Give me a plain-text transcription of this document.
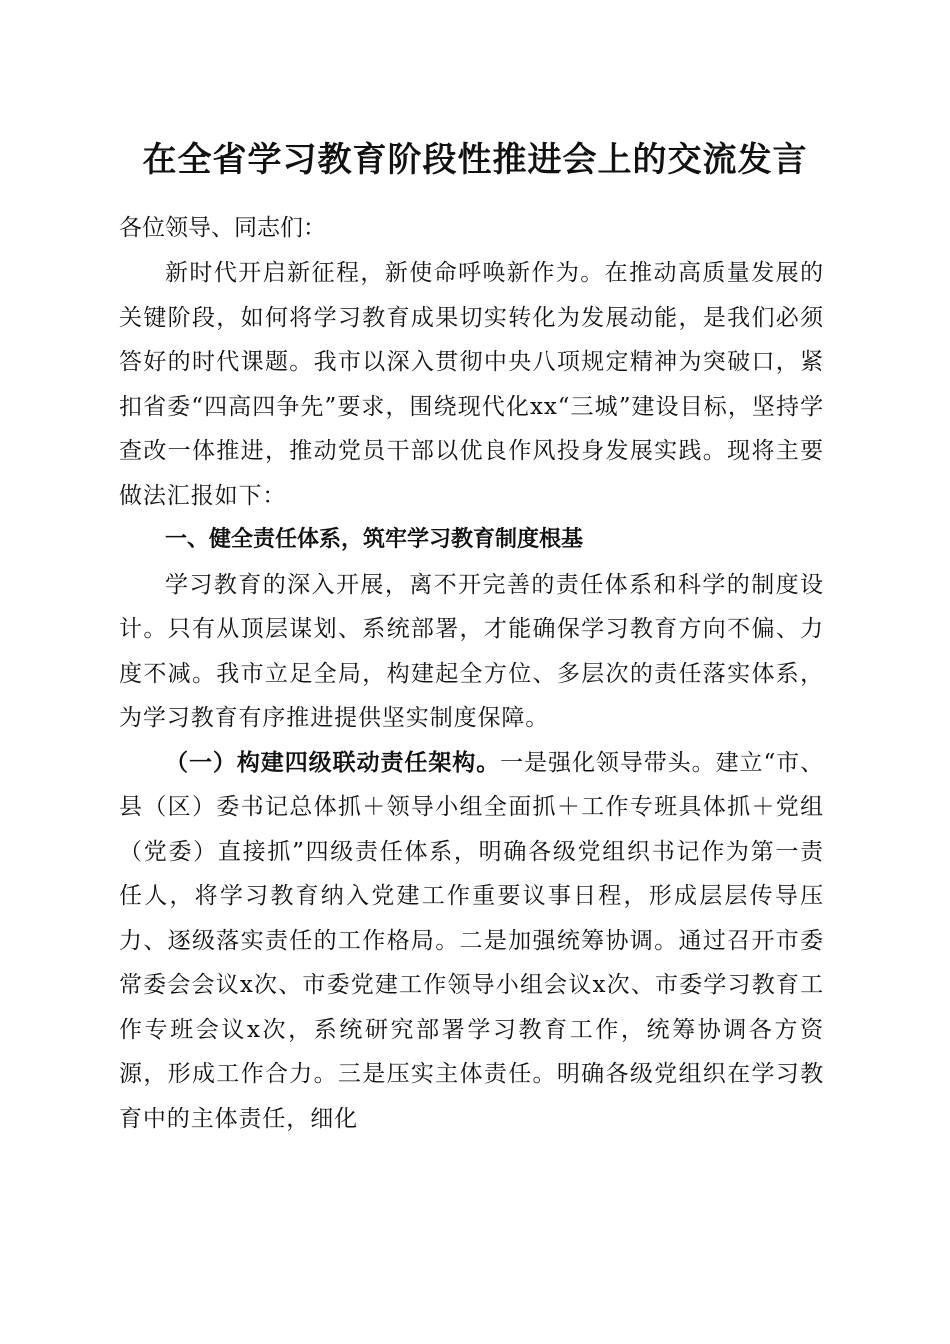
在全省学习教育阶段性推进会上的交流发言

各位领导、同志们：

新时代开启新征程，新使命呼唤新作为。在推动高质量发展的关键阶段，如何将学习教育成果切实转化为发展动能，是我们必须答好的时代课题。我市以深入贯彻中央八项规定精神为突破口，紧扣省委“四高四争先”要求，围绕现代化xx“三城”建设目标，坚持学查改一体推进，推动党员干部以优良作风投身发展实践。现将主要做法汇报如下：

一、健全责任体系，筑牢学习教育制度根基

学习教育的深入开展，离不开完善的责任体系和科学的制度设计。只有从顶层谋划、系统部署，才能确保学习教育方向不偏、力度不减。我市立足全局，构建起全方位、多层次的责任落实体系，为学习教育有序推进提供坚实制度保障。

（一）构建四级联动责任架构。一是强化领导带头。建立“市、县（区）委书记总体抓＋领导小组全面抓＋工作专班具体抓＋党组（党委）直接抓”四级责任体系，明确各级党组织书记作为第一责任人，将学习教育纳入党建工作重要议事日程，形成层层传导压力、逐级落实责任的工作格局。二是加强统筹协调。通过召开市委常委会会议x次、市委党建工作领导小组会议x次、市委学习教育工作专班会议x次，系统研究部署学习教育工作，统筹协调各方资源，形成工作合力。三是压实主体责任。明确各级党组织在学习教育中的主体责任，细化
